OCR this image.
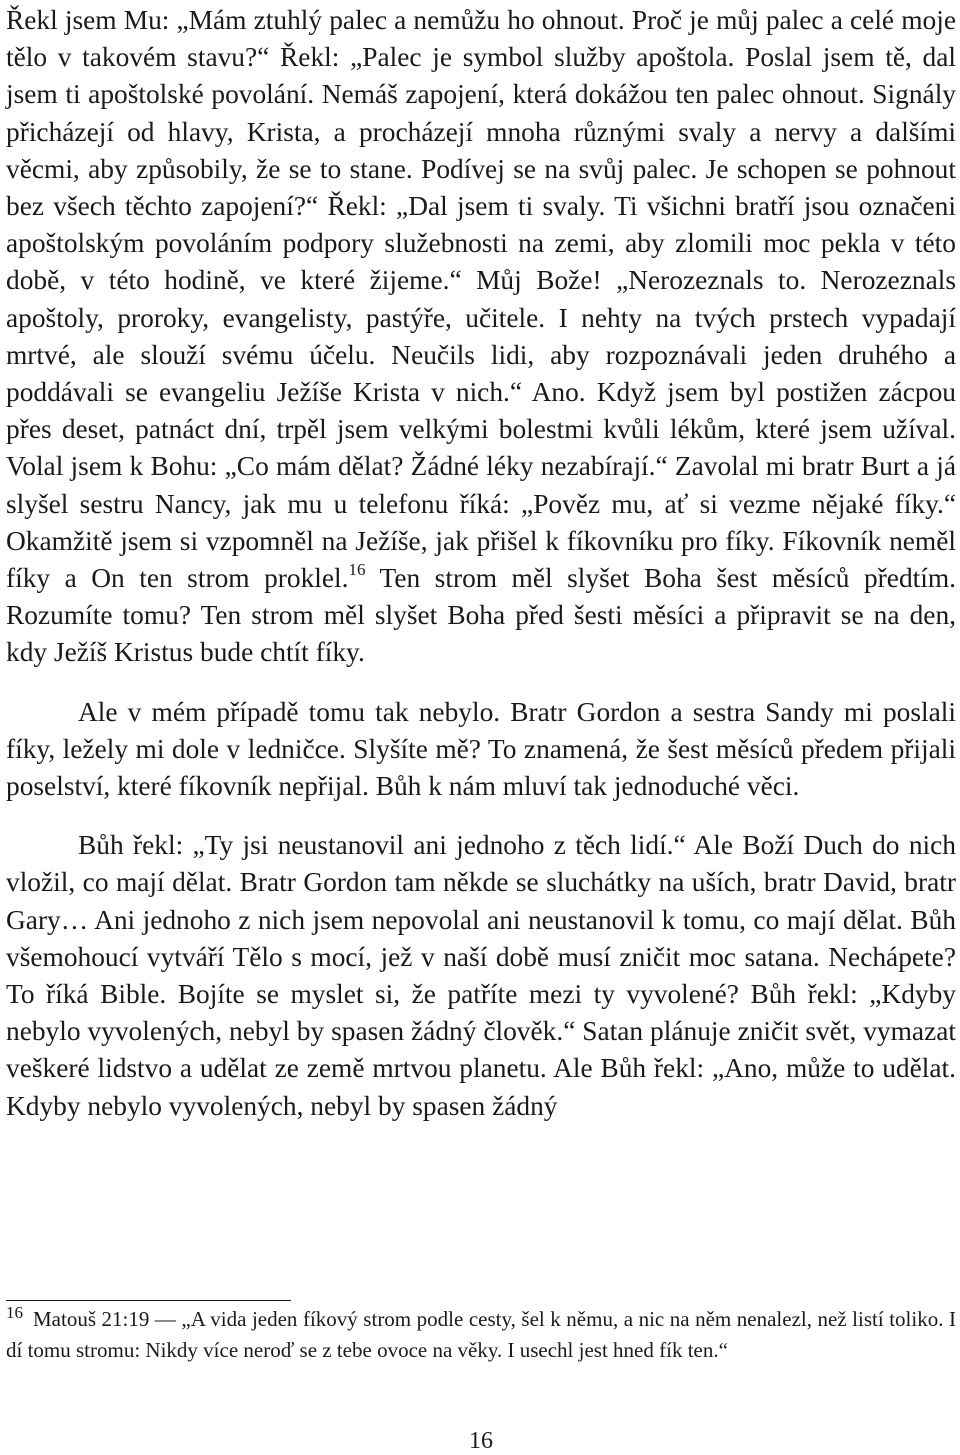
Řekl jsem Mu: „Mám ztuhlý palec a nemůžu ho ohnout. Proč je můj palec a celé moje tělo v takovém stavu?“ Řekl: „Palec je symbol služby apoštola. Poslal jsem tě, dal jsem ti apoštolské povolání. Nemáš zapojení, která dokážou ten palec ohnout. Signály přicházejí od hlavy, Krista, a procházejí mnoha různými svaly a nervy a dalšími věcmi, aby způsobily, že se to stane. Podívej se na svůj palec. Je schopen se pohnout bez všech těchto zapojení?“ Řekl: „Dal jsem ti svaly. Ti všichni bratří jsou označeni apoštolským povoláním podpory služebnosti na zemi, aby zlomili moc pekla v této době, v této hodině, ve které žijeme.“ Můj Bože! „Nerozeznals to. Nerozeznals apoštoly, proroky, evangelisty, pastýře, učitele. I nehty na tvých prstech vypadají mrtvé, ale slouží svému účelu. Neučils lidi, aby rozpoznávali jeden druhého a poddávali se evangeliu Ježíše Krista v nich.“ Ano. Když jsem byl postižen zácpou přes deset, patnáct dní, trpěl jsem velkými bolestmi kvůli lékům, které jsem užíval. Volal jsem k Bohu: „Co mám dělat? Žádné léky nezabírají.“ Zavolal mi bratr Burt a já slyšel sestru Nancy, jak mu u telefonu říká: „Pověz mu, ať si vezme nějaké fíky.“ Okamžitě jsem si vzpomněl na Ježíše, jak přišel k fíkovníku pro fíky. Fíkovník neměl fíky a On ten strom proklel.$^{16}$ Ten strom měl slyšet Boha šest měsíců předtím. Rozumíte tomu? Ten strom měl slyšet Boha před šesti měsíci a připravit se na den, kdy Ježíš Kristus bude chtít fíky.

Ale v mém případě tomu tak nebylo. Bratr Gordon a sestra Sandy mi poslali fíky, ležely mi dole v ledničce. Slyšíte mě? To znamená, že šest měsíců předem přijali poselství, které fíkovník nepřijal. Bůh k nám mluví tak jednoduché věci.

Bůh řekl: „Ty jsi neustanovil ani jednoho z těch lidí.“ Ale Boží Duch do nich vložil, co mají dělat. Bratr Gordon tam někde se sluchátky na uších, bratr David, bratr Gary… Ani jednoho z nich jsem nepovolal ani neustanovil k tomu, co mají dělat. Bůh všemohoucí vytváří Tělo s mocí, jež v naší době musí zničit moc satana. Nechápete? To říká Bible. Bojíte se myslet si, že patříte mezi ty vyvolené? Bůh řekl: „Kdyby nebylo vyvolených, nebyl by spasen žádný člověk.“ Satan plánuje zničit svět, vymazat veškeré lidstvo a udělat ze země mrtvou planetu. Ale Bůh řekl: „Ano, může to udělat. Kdyby nebylo vyvolených, nebyl by spasen žádný

$^{16}$ Matouš 21:19 — „A vida jeden fíkový strom podle cesty, šel k němu, a nic na něm nenalezl, než listí toliko. I dí tomu stromu: Nikdy více neroď se z tebe ovoce na věky. I usechl jest hned fík ten.“

16
